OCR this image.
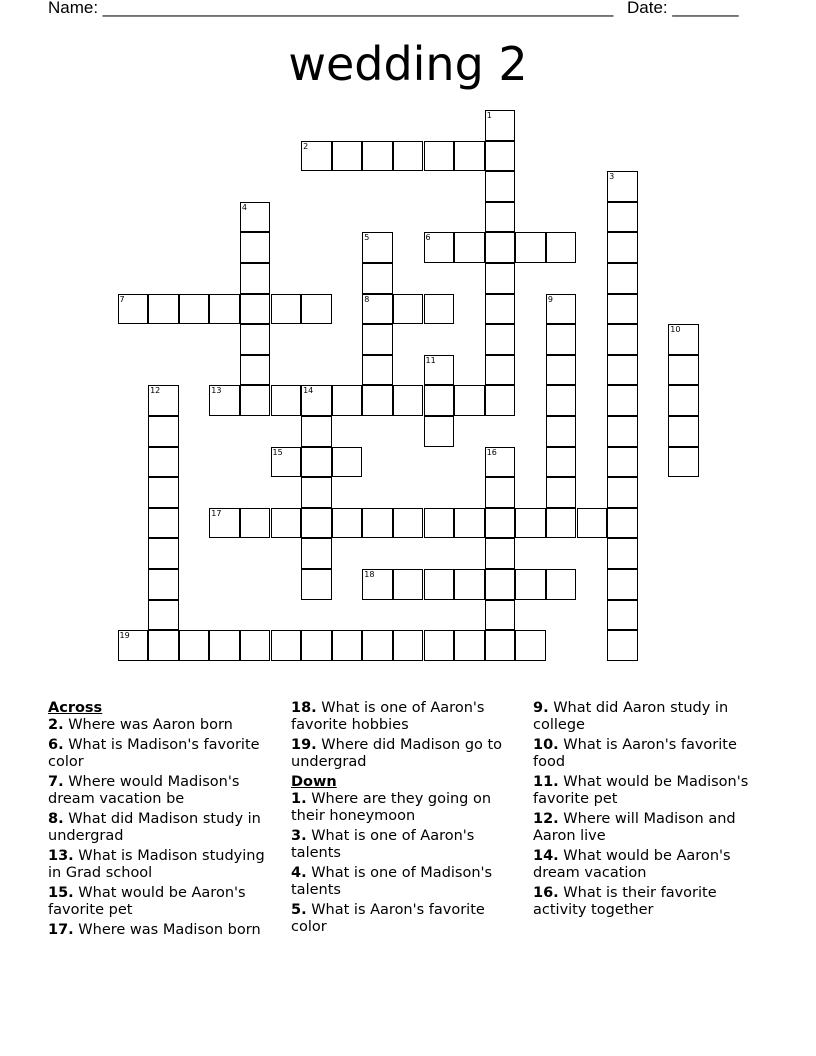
Name: ______________________________________________________ Date: _______
wedding 2
1
2
3
4
5
8
6
7	9
10
11
12	13	14
15	16
17
18
19

Across

2. Where was Aaron born

6. What is Madison's favorite color

7. Where would Madison's dream vacation be

8. What did Madison study in undergrad

13. What is Madison studying in Grad school

15. What would be Aaron's favorite pet

17. Where was Madison born

18. What is one of Aaron's favorite hobbies

19. Where did Madison go to undergrad

Down

1. Where are they going on their honeymoon

3. What is one of Aaron's talents

4. What is one of Madison's talents

5. What is Aaron's favorite color

9. What did Aaron study in college

10. What is Aaron's favorite food

11. What would be Madison's favorite pet

12. Where will Madison and Aaron live

14. What would be Aaron's dream vacation

16. What is their favorite activity together
